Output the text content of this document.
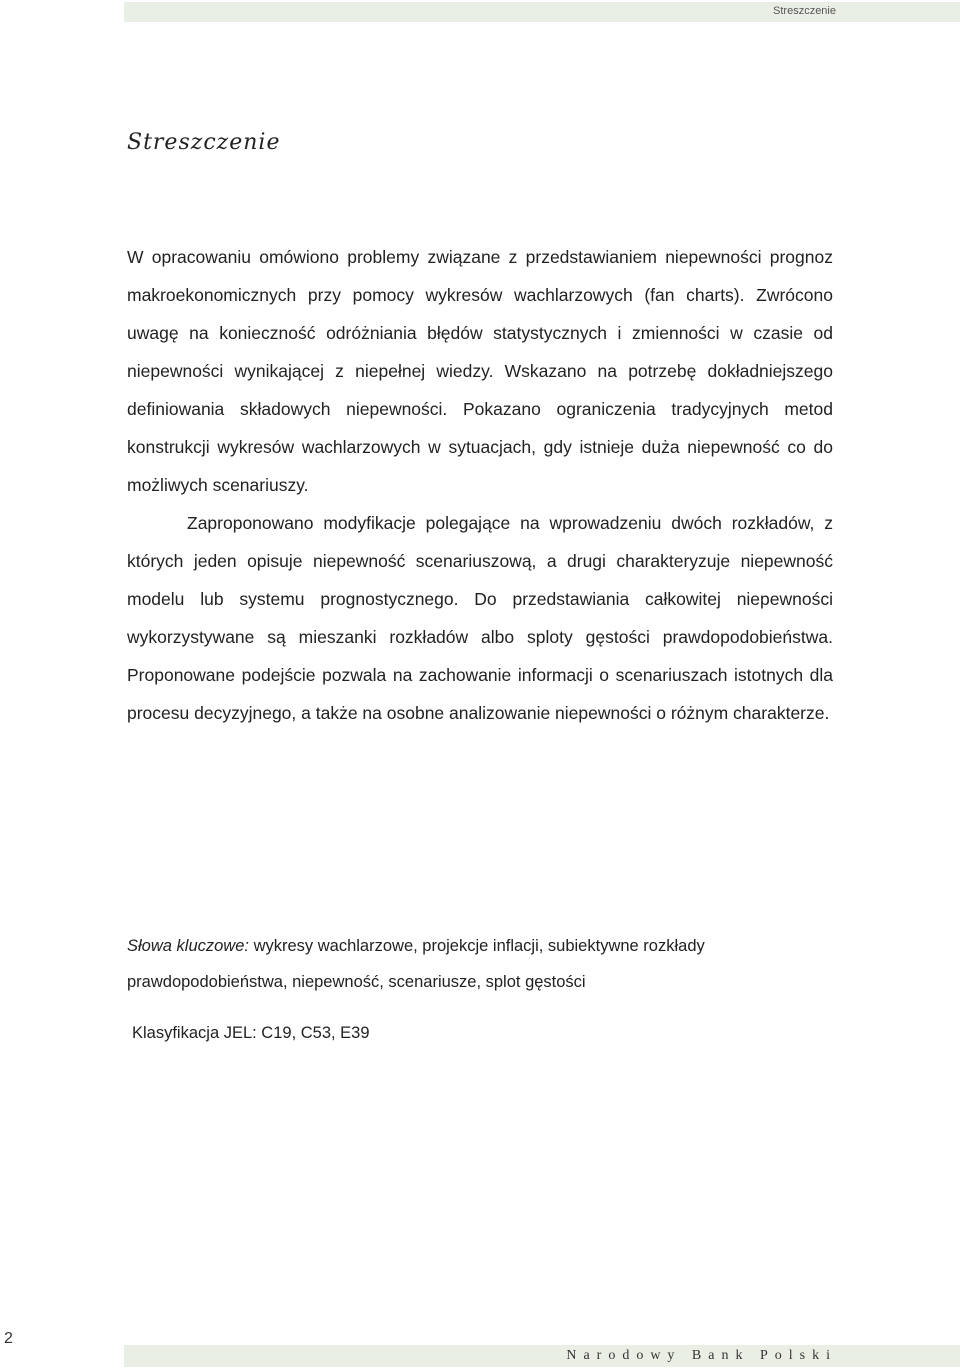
Streszczenie
Streszczenie

W opracowaniu omówiono problemy związane z przedstawianiem niepewności prognoz makroekonomicznych przy pomocy wykresów wachlarzowych (fan charts). Zwrócono uwagę na konieczność odróżniania błędów statystycznych i zmienności w czasie od niepewności wynikającej z niepełnej wiedzy. Wskazano na potrzebę dokładniejszego definiowania składowych niepewności. Pokazano ograniczenia tradycyjnych metod konstrukcji wykresów wachlarzowych w sytuacjach, gdy istnieje duża niepewność co do możliwych scenariuszy.

Zaproponowano modyfikacje polegające na wprowadzeniu dwóch rozkładów, z których jeden opisuje niepewność scenariuszową, a drugi charakteryzuje niepewność modelu lub systemu prognostycznego. Do przedstawiania całkowitej niepewności wykorzystywane są mieszanki rozkładów albo sploty gęstości prawdopodobieństwa. Proponowane podejście pozwala na zachowanie informacji o scenariuszach istotnych dla procesu decyzyjnego, a także na osobne analizowanie niepewności o różnym charakterze.

Słowa kluczowe: wykresy wachlarzowe, projekcje inflacji, subiektywne rozkłady prawdopodobieństwa, niepewność, scenariusze, splot gęstości
Klasyfikacja JEL: C19, C53, E39
2
Narodowy Bank Polski
